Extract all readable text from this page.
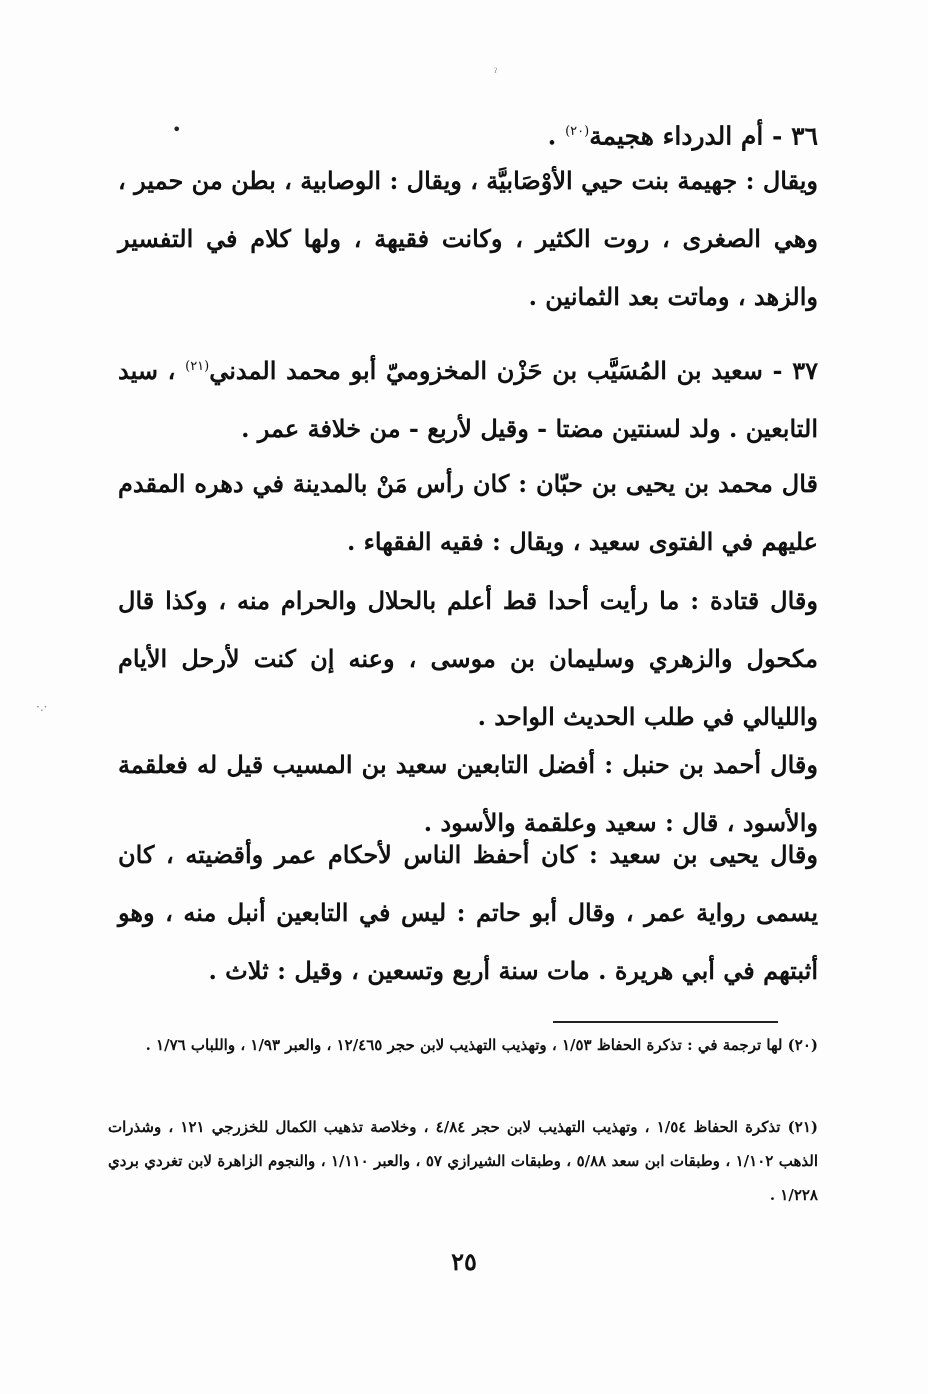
ˀ
•
·.·
٣٦ - أم الدرداء هجيمة$^{(٢٠)}$ .
ويقال : جهيمة بنت حيي الأوْصَابيَّة ، ويقال : الوصابية ، بطن من حمير ، وهي الصغرى ، روت الكثير ، وكانت فقيهة ، ولها كلام في التفسير والزهد ، وماتت بعد الثمانين .
٣٧ - سعيد بن المُسَيَّب بن حَزْن المخزوميّ أبو محمد المدني$^{(٢١)}$ ، سيد التابعين . ولد لسنتين مضتا - وقيل لأربع - من خلافة عمر .
قال محمد بن يحيى بن حبّان : كان رأس مَنْ بالمدينة في دهره المقدم عليهم في الفتوى سعيد ، ويقال : فقيه الفقهاء .
وقال قتادة : ما رأيت أحدا قط أعلم بالحلال والحرام منه ، وكذا قال مكحول والزهري وسليمان بن موسى ، وعنه إن كنت لأرحل الأيام والليالي في طلب الحديث الواحد .
وقال أحمد بن حنبل : أفضل التابعين سعيد بن المسيب قيل له فعلقمة والأسود ، قال : سعيد وعلقمة والأسود .
وقال يحيى بن سعيد : كان أحفظ الناس لأحكام عمر وأقضيته ، كان يسمى رواية عمر ، وقال أبو حاتم : ليس في التابعين أنبل منه ، وهو أثبتهم في أبي هريرة . مات سنة أربع وتسعين ، وقيل : ثلاث .
(٢٠) لها ترجمة في : تذكرة الحفاظ ١/٥٣ ، وتهذيب التهذيب لابن حجر ١٢/٤٦٥ ، والعبر ١/٩٣ ، واللباب ١/٧٦ .
(٢١) تذكرة الحفاظ ١/٥٤ ، وتهذيب التهذيب لابن حجر ٤/٨٤ ، وخلاصة تذهيب الكمال للخزرجي ١٢١ ، وشذرات الذهب ١/١٠٢ ، وطبقات ابن سعد ٥/٨٨ ، وطبقات الشيرازي ٥٧ ، والعبر ١/١١٠ ، والنجوم الزاهرة لابن تغردي بردي ١/٢٢٨ .
٢٥
